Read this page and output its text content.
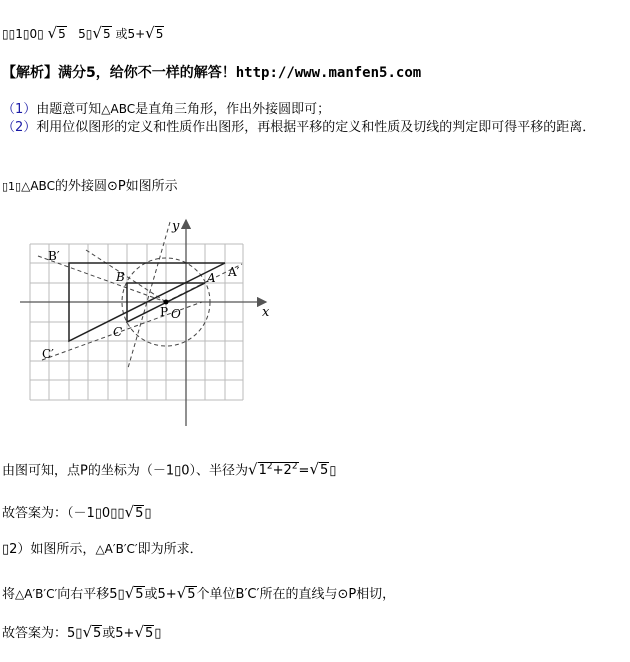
▯▯1▯0▯ √5 5▯√5 或5+√5
【解析】满分5，给你不一样的解答！http://www.manfen5.com
（1）由题意可知△ABC是直角三角形，作出外接圆即可；
（2）利用位似图形的定义和性质作出图形，再根据平移的定义和性质及切线的判定即可得平移的距离．
▯1▯△ABC的外接圆⊙P如图所示
y
x
B′
A′
B	A
C
P O
C′
由图可知，点P的坐标为（－1▯0）、半径为$√1^2+2^2=√5▯$
故答案为：（－1▯0▯▯√5▯
▯2）如图所示，△A′B′C′即为所求．
将△A′B′C′向右平移5▯√5或5+√5个单位B′C′所在的直线与⊙P相切，
故答案为：5▯√5或5+√5▯
